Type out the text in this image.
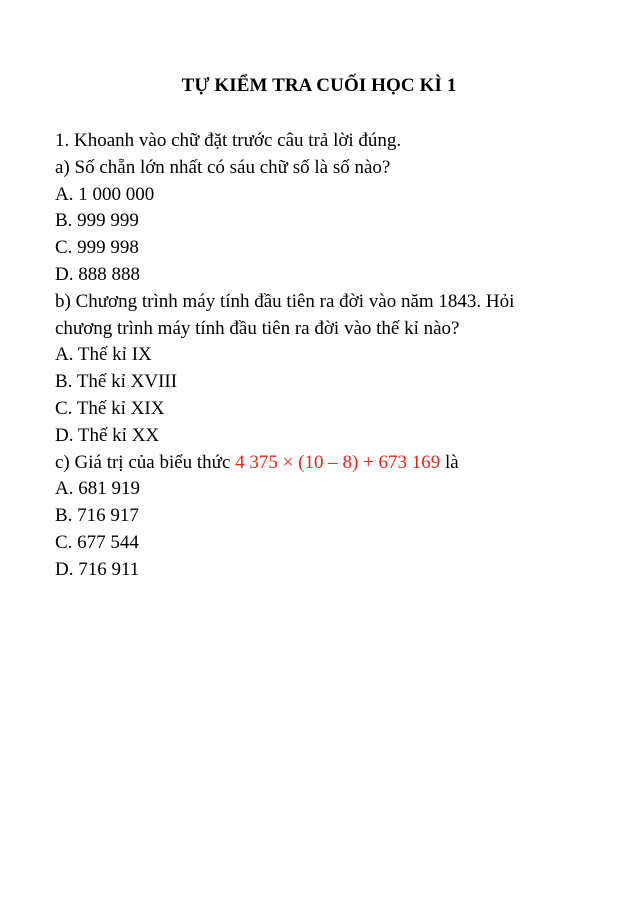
TỰ KIỂM TRA CUỐI HỌC KÌ 1
1. Khoanh vào chữ đặt trước câu trả lời đúng.
a) Số chẵn lớn nhất có sáu chữ số là số nào?
A. 1 000 000
B. 999 999
C. 999 998
D. 888 888
b) Chương trình máy tính đầu tiên ra đời vào năm 1843. Hỏi
chương trình máy tính đầu tiên ra đời vào thế kỉ nào?
A. Thế kỉ IX
B. Thế kỉ XVIII
C. Thế kỉ XIX
D. Thế kỉ XX
c) Giá trị của biểu thức 4 375 × (10 – 8) + 673 169 là
A. 681 919
B. 716 917
C. 677 544
D. 716 911
